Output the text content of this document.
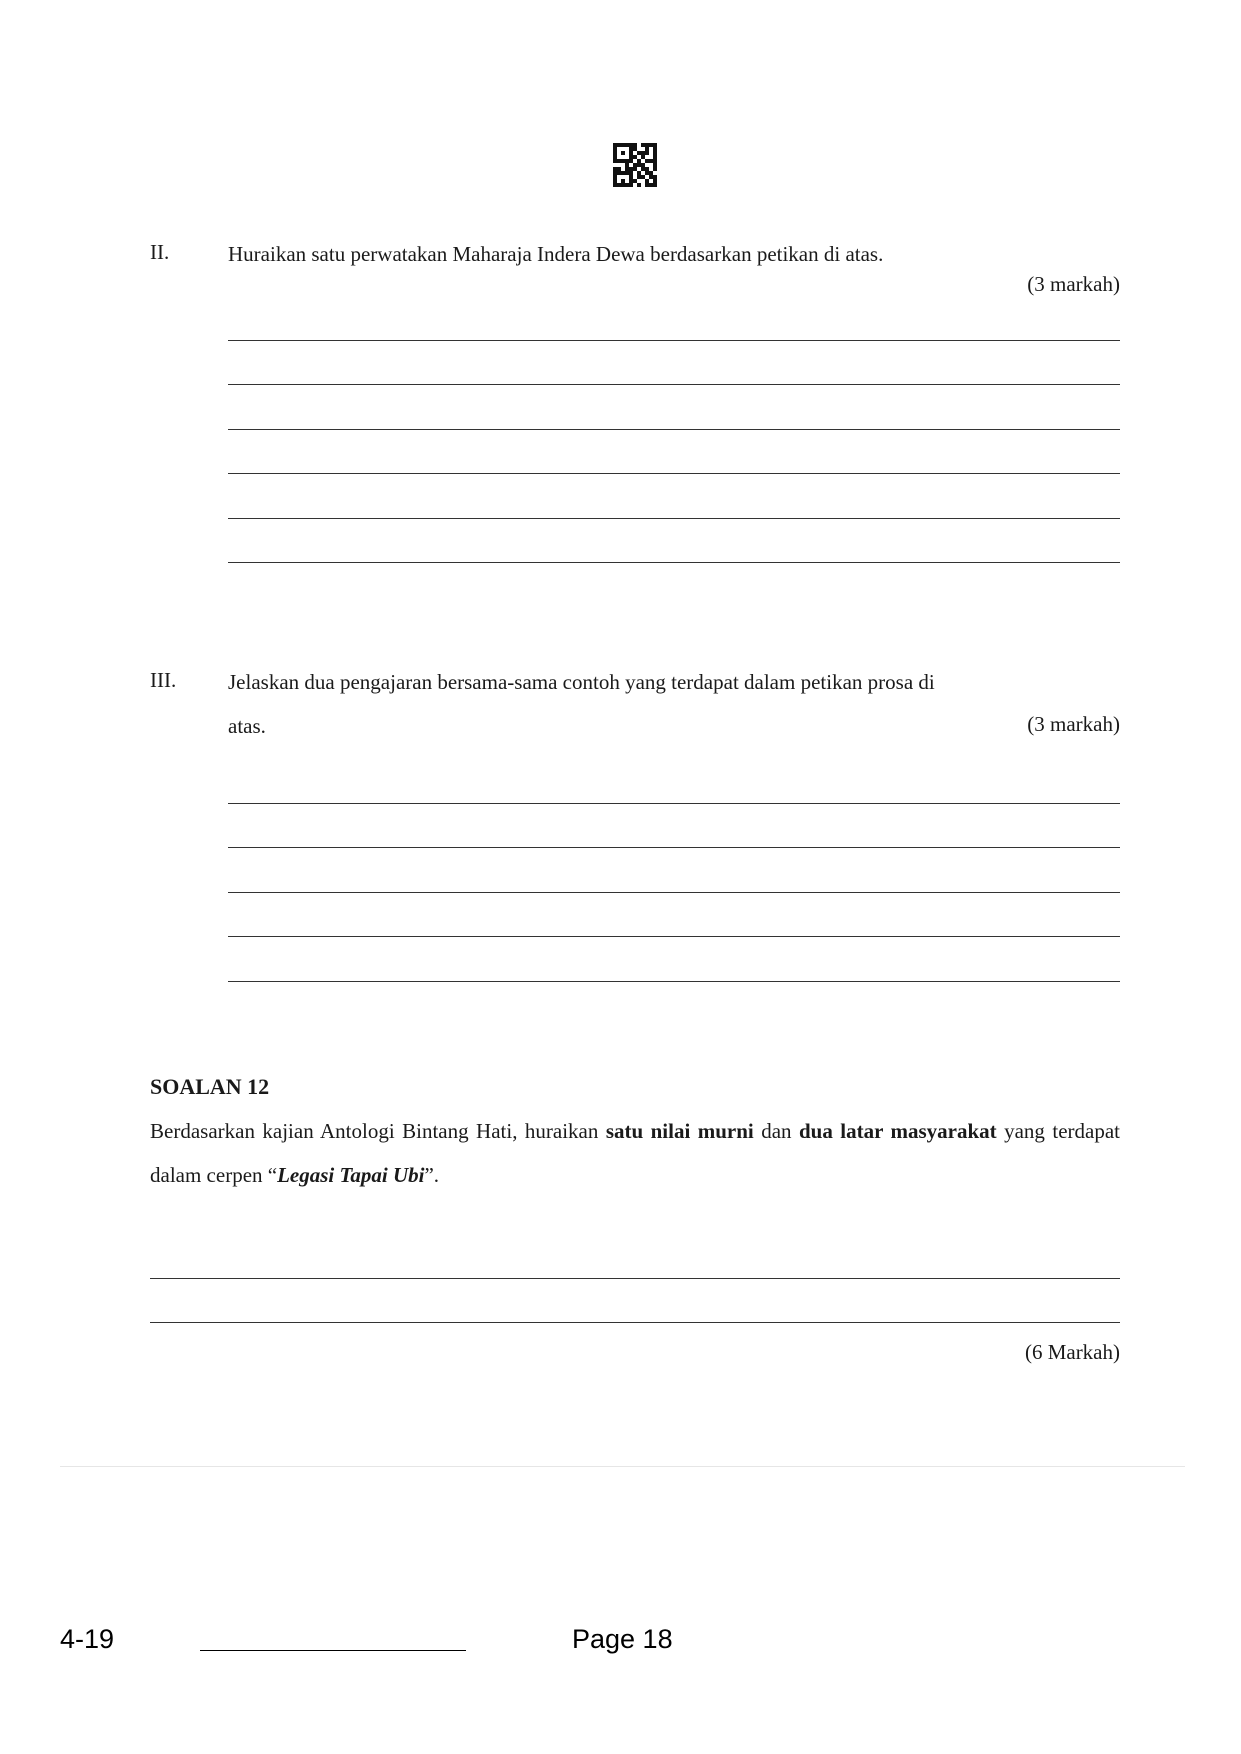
II.	Huraikan satu perwatakan Maharaja Indera Dewa berdasarkan petikan di atas.
(3 markah)
III. Jelaskan dua pengajaran bersama-sama contoh yang terdapat dalam petikan prosa di
atas.	(3 markah)
SOALAN 12
Berdasarkan kajian Antologi Bintang Hati, huraikan satu nilai murni dan dua latar masyarakat yang terdapat dalam cerpen “Legasi Tapai Ubi”.
(6 Markah)
4-19	Page 18
